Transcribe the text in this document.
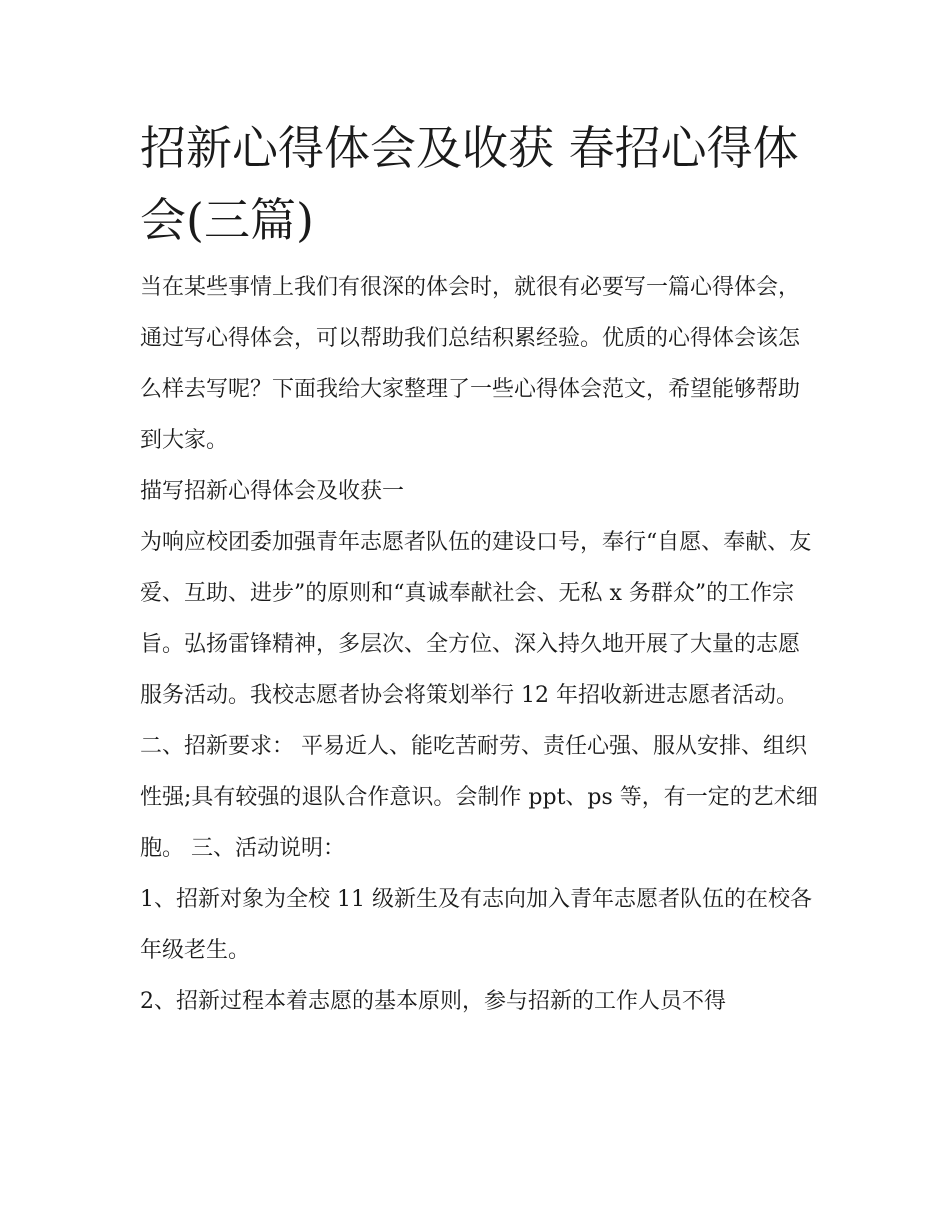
招新心得体会及收获 春招心得体会(三篇)

当在某些事情上我们有很深的体会时，就很有必要写一篇心得体会，通过写心得体会，可以帮助我们总结积累经验。优质的心得体会该怎么样去写呢？下面我给大家整理了一些心得体会范文，希望能够帮助到大家。

描写招新心得体会及收获一

为响应校团委加强青年志愿者队伍的建设口号，奉行“自愿、奉献、友爱、互助、进步”的原则和“真诚奉献社会、无私 x 务群众”的工作宗旨。弘扬雷锋精神，多层次、全方位、深入持久地开展了大量的志愿服务活动。我校志愿者协会将策划举行 12 年招收新进志愿者活动。

二、招新要求： 平易近人、能吃苦耐劳、责任心强、服从安排、组织性强;具有较强的退队合作意识。会制作 ppt、ps 等，有一定的艺术细胞。 三、活动说明：

1、招新对象为全校 11 级新生及有志向加入青年志愿者队伍的在校各年级老生。

2、招新过程本着志愿的基本原则，参与招新的工作人员不得
